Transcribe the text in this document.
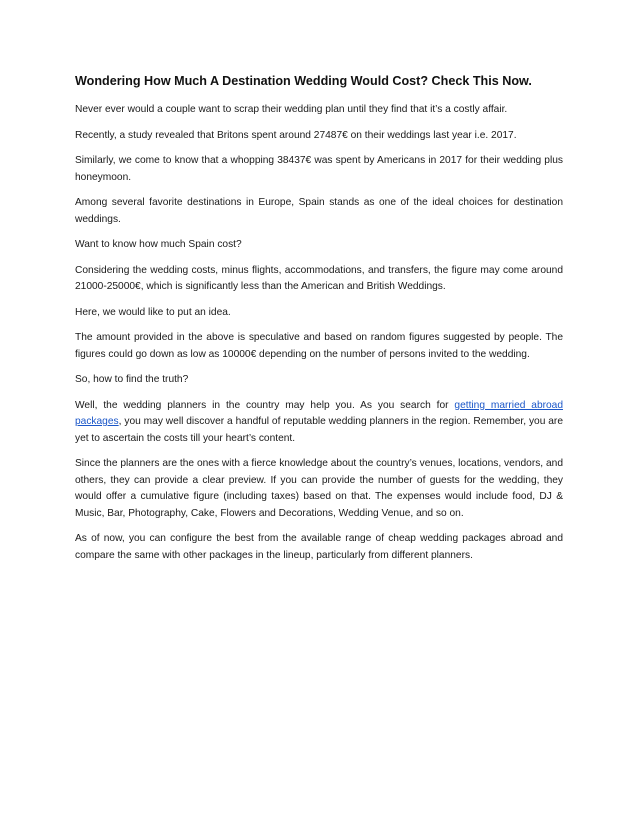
Wondering How Much A Destination Wedding Would Cost? Check This Now.

Never ever would a couple want to scrap their wedding plan until they find that it’s a costly affair.

Recently, a study revealed that Britons spent around 27487€ on their weddings last year i.e. 2017.

Similarly, we come to know that a whopping 38437€ was spent by Americans in 2017 for their wedding plus honeymoon.

Among several favorite destinations in Europe, Spain stands as one of the ideal choices for destination weddings.

Want to know how much Spain cost?

Considering the wedding costs, minus flights, accommodations, and transfers, the figure may come around 21000-25000€, which is significantly less than the American and British Weddings.

Here, we would like to put an idea.

The amount provided in the above is speculative and based on random figures suggested by people. The figures could go down as low as 10000€ depending on the number of persons invited to the wedding.

So, how to find the truth?

Well, the wedding planners in the country may help you. As you search for getting married abroad packages, you may well discover a handful of reputable wedding planners in the region. Remember, you are yet to ascertain the costs till your heart’s content.

Since the planners are the ones with a fierce knowledge about the country’s venues, locations, vendors, and others, they can provide a clear preview. If you can provide the number of guests for the wedding, they would offer a cumulative figure (including taxes) based on that. The expenses would include food, DJ & Music, Bar, Photography, Cake, Flowers and Decorations, Wedding Venue, and so on.

As of now, you can configure the best from the available range of cheap wedding packages abroad and compare the same with other packages in the lineup, particularly from different planners.
